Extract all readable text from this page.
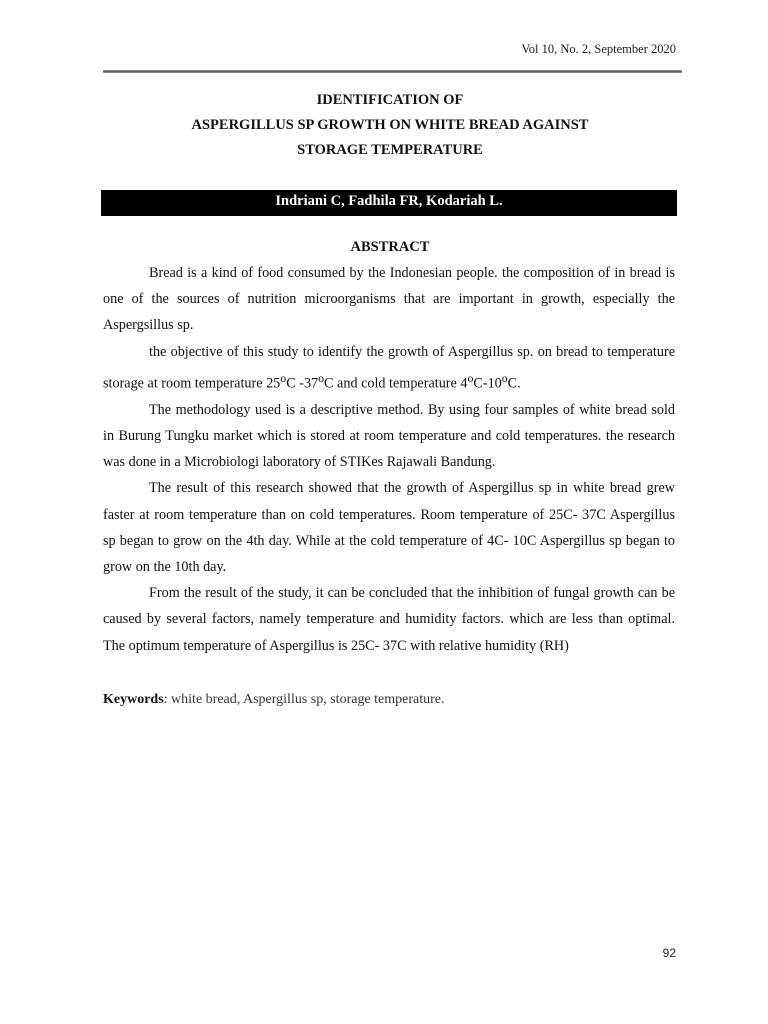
Vol 10, No. 2, September 2020
IDENTIFICATION OF
ASPERGILLUS SP GROWTH ON WHITE BREAD AGAINST
STORAGE TEMPERATURE
Indriani C, Fadhila FR, Kodariah L.
ABSTRACT

Bread is a kind of food consumed by the Indonesian people. the composition of in bread is one of the sources of nutrition microorganisms that are important in growth, especially the Aspergsillus sp.

the objective of this study to identify the growth of Aspergillus sp. on bread to temperature storage at room temperature 25$^o$C -37$^o$C and cold temperature 4$^o$C-10$^o$C.

The methodology used is a descriptive method. By using four samples of white bread sold in Burung Tungku market which is stored at room temperature and cold temperatures. the research was done in a Microbiologi laboratory of STIKes Rajawali Bandung.

The result of this research showed that the growth of Aspergillus sp in white bread grew faster at room temperature than on cold temperatures. Room temperature of 25C- 37C Aspergillus sp began to grow on the 4th day. While at the cold temperature of 4C- 10C Aspergillus sp began to grow on the 10th day.

From the result of the study, it can be concluded that the inhibition of fungal growth can be caused by several factors, namely temperature and humidity factors. which are less than optimal. The optimum temperature of Aspergillus is 25C- 37C with relative humidity (RH)

Keywords: white bread, Aspergillus sp, storage temperature.
92
